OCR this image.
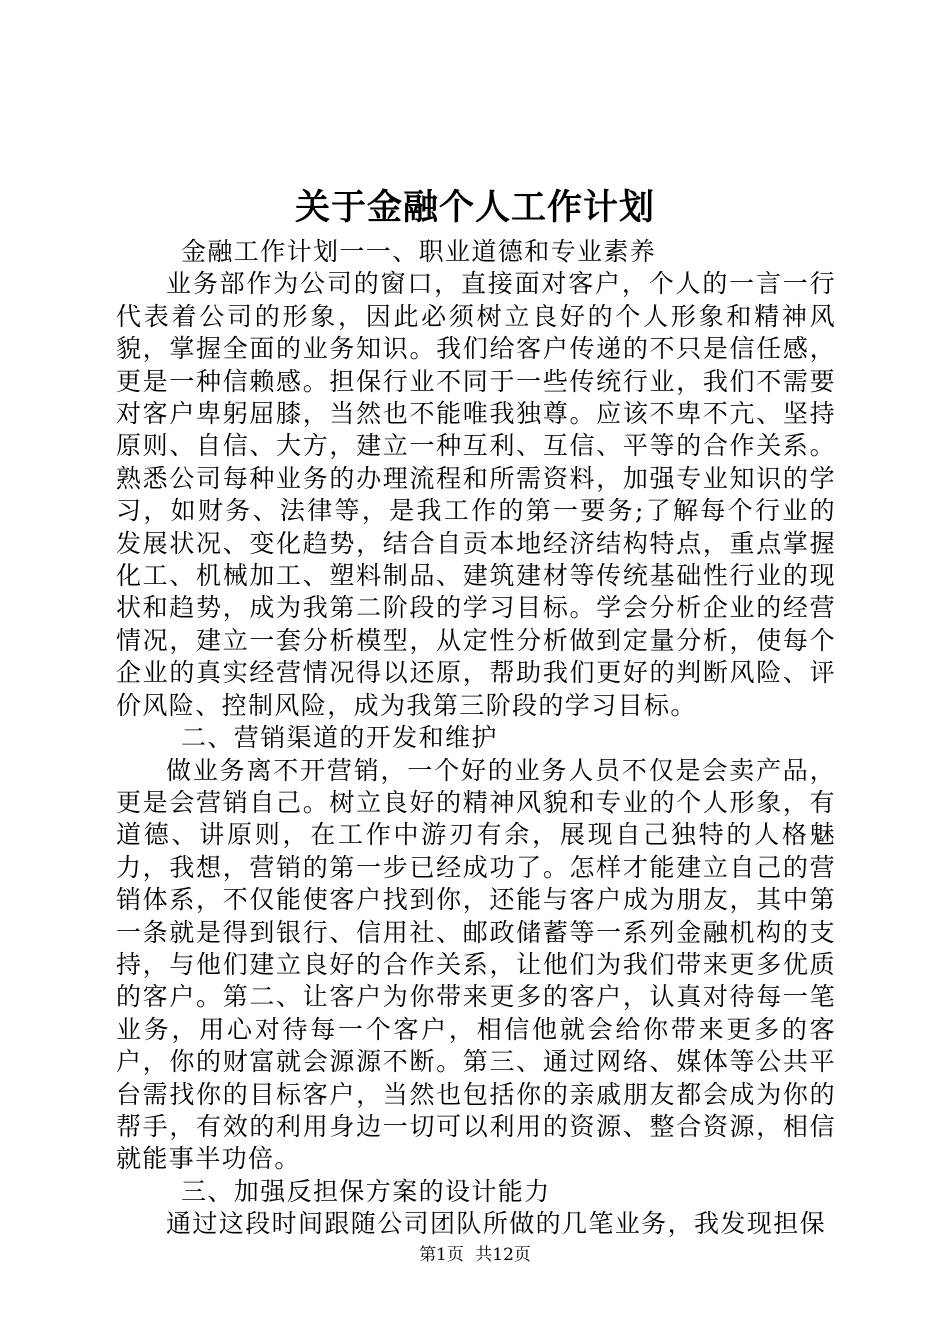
关于金融个人工作计划

金融工作计划一一、职业道德和专业素养

业务部作为公司的窗口，直接面对客户，个人的一言一行代表着公司的形象，因此必须树立良好的个人形象和精神风貌，掌握全面的业务知识。我们给客户传递的不只是信任感，更是一种信赖感。担保行业不同于一些传统行业，我们不需要对客户卑躬屈膝，当然也不能唯我独尊。应该不卑不亢、坚持原则、自信、大方，建立一种互利、互信、平等的合作关系。熟悉公司每种业务的办理流程和所需资料，加强专业知识的学习，如财务、法律等，是我工作的第一要务;了解每个行业的发展状况、变化趋势，结合自贡本地经济结构特点，重点掌握化工、机械加工、塑料制品、建筑建材等传统基础性行业的现状和趋势，成为我第二阶段的学习目标。学会分析企业的经营情况，建立一套分析模型，从定性分析做到定量分析，使每个企业的真实经营情况得以还原，帮助我们更好的判断风险、评价风险、控制风险，成为我第三阶段的学习目标。

二、营销渠道的开发和维护

做业务离不开营销，一个好的业务人员不仅是会卖产品，更是会营销自己。树立良好的精神风貌和专业的个人形象，有道德、讲原则，在工作中游刃有余，展现自己独特的人格魅力，我想，营销的第一步已经成功了。怎样才能建立自己的营销体系，不仅能使客户找到你，还能与客户成为朋友，其中第一条就是得到银行、信用社、邮政储蓄等一系列金融机构的支持，与他们建立良好的合作关系，让他们为我们带来更多优质的客户。第二、让客户为你带来更多的客户，认真对待每一笔业务，用心对待每一个客户，相信他就会给你带来更多的客户，你的财富就会源源不断。第三、通过网络、媒体等公共平台需找你的目标客户，当然也包括你的亲戚朋友都会成为你的帮手，有效的利用身边一切可以利用的资源、整合资源，相信就能事半功倍。

三、加强反担保方案的设计能力

通过这段时间跟随公司团队所做的几笔业务，我发现担保

第1页 共12页
